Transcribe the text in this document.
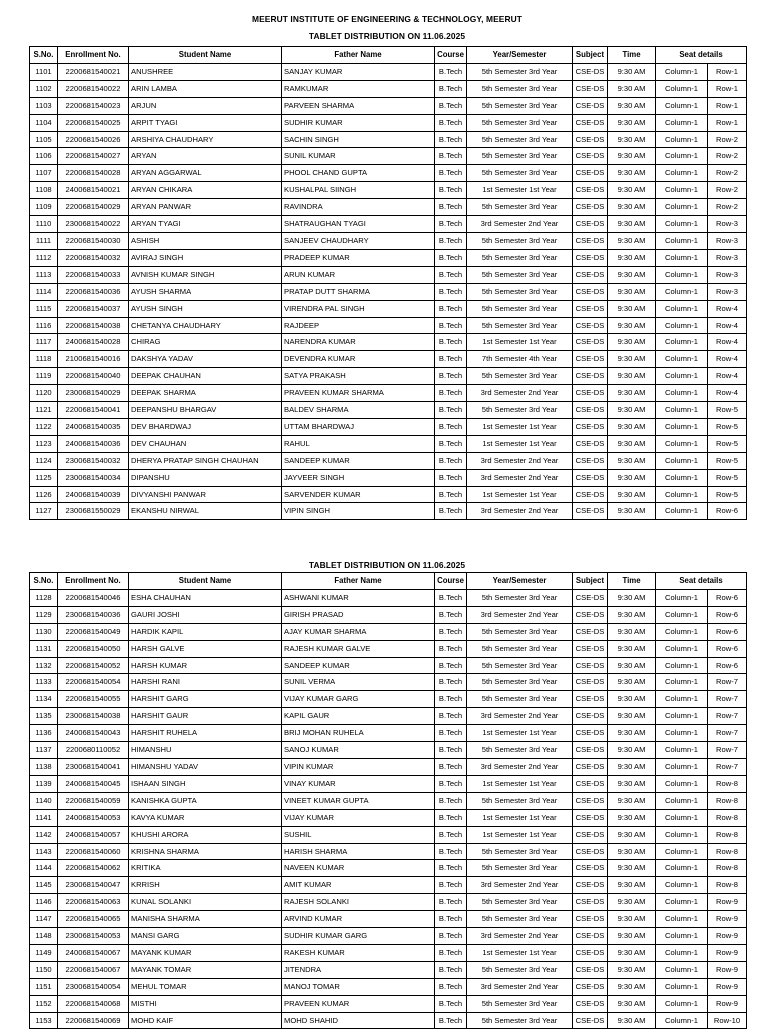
MEERUT INSTITUTE OF ENGINEERING & TECHNOLOGY, MEERUT
TABLET DISTRIBUTION ON 11.06.2025
S.No.	Enrollment No.	Student Name	Father Name	Course	Year/Semester	Subject	Time	Seat details	
1101	2200681540021	ANUSHREE	SANJAY KUMAR	B.Tech	5th Semester 3rd Year	CSE-DS	9:30 AM	Column-1	Row-1
1102	2200681540022	ARIN LAMBA	RAMKUMAR	B.Tech	5th Semester 3rd Year	CSE-DS	9:30 AM	Column-1	Row-1
1103	2200681540023	ARJUN	PARVEEN SHARMA	B.Tech	5th Semester 3rd Year	CSE-DS	9:30 AM	Column-1	Row-1
1104	2200681540025	ARPIT TYAGI	SUDHIR KUMAR	B.Tech	5th Semester 3rd Year	CSE-DS	9:30 AM	Column-1	Row-1
1105	2200681540026	ARSHIYA CHAUDHARY	SACHIN SINGH	B.Tech	5th Semester 3rd Year	CSE-DS	9:30 AM	Column-1	Row-2
1106	2200681540027	ARYAN	SUNIL KUMAR	B.Tech	5th Semester 3rd Year	CSE-DS	9:30 AM	Column-1	Row-2
1107	2200681540028	ARYAN AGGARWAL	PHOOL CHAND GUPTA	B.Tech	5th Semester 3rd Year	CSE-DS	9:30 AM	Column-1	Row-2
1108	2400681540021	ARYAN CHIKARA	KUSHALPAL SIINGH	B.Tech	1st Semester 1st Year	CSE-DS	9:30 AM	Column-1	Row-2
1109	2200681540029	ARYAN PANWAR	RAVINDRA	B.Tech	5th Semester 3rd Year	CSE-DS	9:30 AM	Column-1	Row-2
1110	2300681540022	ARYAN TYAGI	SHATRAUGHAN TYAGI	B.Tech	3rd Semester 2nd Year	CSE-DS	9:30 AM	Column-1	Row-3
1111	2200681540030	ASHISH	SANJEEV CHAUDHARY	B.Tech	5th Semester 3rd Year	CSE-DS	9:30 AM	Column-1	Row-3
1112	2200681540032	AVIRAJ SINGH	PRADEEP KUMAR	B.Tech	5th Semester 3rd Year	CSE-DS	9:30 AM	Column-1	Row-3
1113	2200681540033	AVNISH KUMAR SINGH	ARUN KUMAR	B.Tech	5th Semester 3rd Year	CSE-DS	9:30 AM	Column-1	Row-3
1114	2200681540036	AYUSH SHARMA	PRATAP DUTT SHARMA	B.Tech	5th Semester 3rd Year	CSE-DS	9:30 AM	Column-1	Row-3
1115	2200681540037	AYUSH SINGH	VIRENDRA PAL SINGH	B.Tech	5th Semester 3rd Year	CSE-DS	9:30 AM	Column-1	Row-4
1116	2200681540038	CHETANYA CHAUDHARY	RAJDEEP	B.Tech	5th Semester 3rd Year	CSE-DS	9:30 AM	Column-1	Row-4
1117	2400681540028	CHIRAG	NARENDRA KUMAR	B.Tech	1st Semester 1st Year	CSE-DS	9:30 AM	Column-1	Row-4
1118	2100681540016	DAKSHYA YADAV	DEVENDRA KUMAR	B.Tech	7th Semester 4th Year	CSE-DS	9:30 AM	Column-1	Row-4
1119	2200681540040	DEEPAK CHAUHAN	SATYA PRAKASH	B.Tech	5th Semester 3rd Year	CSE-DS	9:30 AM	Column-1	Row-4
1120	2300681540029	DEEPAK SHARMA	PRAVEEN KUMAR SHARMA	B.Tech	3rd Semester 2nd Year	CSE-DS	9:30 AM	Column-1	Row-4
1121	2200681540041	DEEPANSHU BHARGAV	BALDEV SHARMA	B.Tech	5th Semester 3rd Year	CSE-DS	9:30 AM	Column-1	Row-5
1122	2400681540035	DEV BHARDWAJ	UTTAM BHARDWAJ	B.Tech	1st Semester 1st Year	CSE-DS	9:30 AM	Column-1	Row-5
1123	2400681540036	DEV CHAUHAN	RAHUL	B.Tech	1st Semester 1st Year	CSE-DS	9:30 AM	Column-1	Row-5
1124	2300681540032	DHERYA PRATAP SINGH CHAUHAN	SANDEEP KUMAR	B.Tech	3rd Semester 2nd Year	CSE-DS	9:30 AM	Column-1	Row-5
1125	2300681540034	DIPANSHU	JAYVEER SINGH	B.Tech	3rd Semester 2nd Year	CSE-DS	9:30 AM	Column-1	Row-5
1126	2400681540039	DIVYANSHI PANWAR	SARVENDER KUMAR	B.Tech	1st Semester 1st Year	CSE-DS	9:30 AM	Column-1	Row-5
1127	2300681550029	EKANSHU NIRWAL	VIPIN SINGH	B.Tech	3rd Semester 2nd Year	CSE-DS	9:30 AM	Column-1	Row-6
TABLET DISTRIBUTION ON 11.06.2025
S.No.	Enrollment No.	Student Name	Father Name	Course	Year/Semester	Subject	Time	Seat details	
1128	2200681540046	ESHA CHAUHAN	ASHWANI KUMAR	B.Tech	5th Semester 3rd Year	CSE-DS	9:30 AM	Column-1	Row-6
1129	2300681540036	GAURI JOSHI	GIRISH PRASAD	B.Tech	3rd Semester 2nd Year	CSE-DS	9:30 AM	Column-1	Row-6
1130	2200681540049	HARDIK KAPIL	AJAY KUMAR SHARMA	B.Tech	5th Semester 3rd Year	CSE-DS	9:30 AM	Column-1	Row-6
1131	2200681540050	HARSH GALVE	RAJESH KUMAR GALVE	B.Tech	5th Semester 3rd Year	CSE-DS	9:30 AM	Column-1	Row-6
1132	2200681540052	HARSH KUMAR	SANDEEP KUMAR	B.Tech	5th Semester 3rd Year	CSE-DS	9:30 AM	Column-1	Row-6
1133	2200681540054	HARSHI RANI	SUNIL VERMA	B.Tech	5th Semester 3rd Year	CSE-DS	9:30 AM	Column-1	Row-7
1134	2200681540055	HARSHIT GARG	VIJAY KUMAR GARG	B.Tech	5th Semester 3rd Year	CSE-DS	9:30 AM	Column-1	Row-7
1135	2300681540038	HARSHIT GAUR	KAPIL GAUR	B.Tech	3rd Semester 2nd Year	CSE-DS	9:30 AM	Column-1	Row-7
1136	2400681540043	HARSHIT RUHELA	BRIJ MOHAN RUHELA	B.Tech	1st Semester 1st Year	CSE-DS	9:30 AM	Column-1	Row-7
1137	2200680110052	HIMANSHU	SANOJ KUMAR	B.Tech	5th Semester 3rd Year	CSE-DS	9:30 AM	Column-1	Row-7
1138	2300681540041	HIMANSHU YADAV	VIPIN KUMAR	B.Tech	3rd Semester 2nd Year	CSE-DS	9:30 AM	Column-1	Row-7
1139	2400681540045	ISHAAN SINGH	VINAY KUMAR	B.Tech	1st Semester 1st Year	CSE-DS	9:30 AM	Column-1	Row-8
1140	2200681540059	KANISHKA GUPTA	VINEET KUMAR GUPTA	B.Tech	5th Semester 3rd Year	CSE-DS	9:30 AM	Column-1	Row-8
1141	2400681540053	KAVYA KUMAR	VIJAY KUMAR	B.Tech	1st Semester 1st Year	CSE-DS	9:30 AM	Column-1	Row-8
1142	2400681540057	KHUSHI ARORA	SUSHIL	B.Tech	1st Semester 1st Year	CSE-DS	9:30 AM	Column-1	Row-8
1143	2200681540060	KRISHNA SHARMA	HARISH SHARMA	B.Tech	5th Semester 3rd Year	CSE-DS	9:30 AM	Column-1	Row-8
1144	2200681540062	KRITIKA	NAVEEN KUMAR	B.Tech	5th Semester 3rd Year	CSE-DS	9:30 AM	Column-1	Row-8
1145	2300681540047	KRRISH	AMIT KUMAR	B.Tech	3rd Semester 2nd Year	CSE-DS	9:30 AM	Column-1	Row-8
1146	2200681540063	KUNAL SOLANKI	RAJESH SOLANKI	B.Tech	5th Semester 3rd Year	CSE-DS	9:30 AM	Column-1	Row-9
1147	2200681540065	MANISHA SHARMA	ARVIND KUMAR	B.Tech	5th Semester 3rd Year	CSE-DS	9:30 AM	Column-1	Row-9
1148	2300681540053	MANSI GARG	SUDHIR KUMAR GARG	B.Tech	3rd Semester 2nd Year	CSE-DS	9:30 AM	Column-1	Row-9
1149	2400681540067	MAYANK KUMAR	RAKESH KUMAR	B.Tech	1st Semester 1st Year	CSE-DS	9:30 AM	Column-1	Row-9
1150	2200681540067	MAYANK TOMAR	JITENDRA	B.Tech	5th Semester 3rd Year	CSE-DS	9:30 AM	Column-1	Row-9
1151	2300681540054	MEHUL TOMAR	MANOJ TOMAR	B.Tech	3rd Semester 2nd Year	CSE-DS	9:30 AM	Column-1	Row-9
1152	2200681540068	MISTHI	PRAVEEN KUMAR	B.Tech	5th Semester 3rd Year	CSE-DS	9:30 AM	Column-1	Row-9
1153	2200681540069	MOHD KAIF	MOHD SHAHID	B.Tech	5th Semester 3rd Year	CSE-DS	9:30 AM	Column-1	Row-10
